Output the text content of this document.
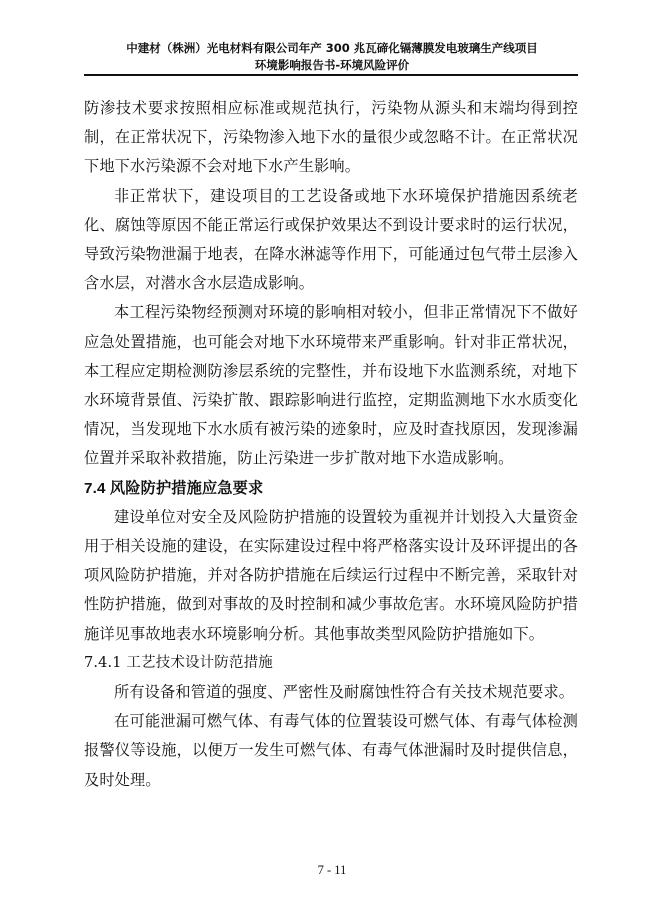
中建材（株洲）光电材料有限公司年产 300 兆瓦碲化镉薄膜发电玻璃生产线项目
环境影响报告书-环境风险评价

防渗技术要求按照相应标准或规范执行，污染物从源头和末端均得到控制，在正常状况下，污染物渗入地下水的量很少或忽略不计。在正常状况下地下水污染源不会对地下水产生影响。

非正常状下，建设项目的工艺设备或地下水环境保护措施因系统老化、腐蚀等原因不能正常运行或保护效果达不到设计要求时的运行状况，导致污染物泄漏于地表，在降水淋滤等作用下，可能通过包气带土层渗入含水层，对潜水含水层造成影响。

本工程污染物经预测对环境的影响相对较小，但非正常情况下不做好应急处置措施，也可能会对地下水环境带来严重影响。针对非正常状况，本工程应定期检测防渗层系统的完整性，并布设地下水监测系统，对地下水环境背景值、污染扩散、跟踪影响进行监控，定期监测地下水水质变化情况，当发现地下水水质有被污染的迹象时，应及时查找原因，发现渗漏位置并采取补救措施，防止污染进一步扩散对地下水造成影响。

7.4 风险防护措施应急要求

建设单位对安全及风险防护措施的设置较为重视并计划投入大量资金用于相关设施的建设，在实际建设过程中将严格落实设计及环评提出的各项风险防护措施，并对各防护措施在后续运行过程中不断完善，采取针对性防护措施，做到对事故的及时控制和减少事故危害。水环境风险防护措施详见事故地表水环境影响分析。其他事故类型风险防护措施如下。

7.4.1 工艺技术设计防范措施

所有设备和管道的强度、严密性及耐腐蚀性符合有关技术规范要求。

在可能泄漏可燃气体、有毒气体的位置装设可燃气体、有毒气体检测报警仪等设施，以便万一发生可燃气体、有毒气体泄漏时及时提供信息，及时处理。

7 - 11
